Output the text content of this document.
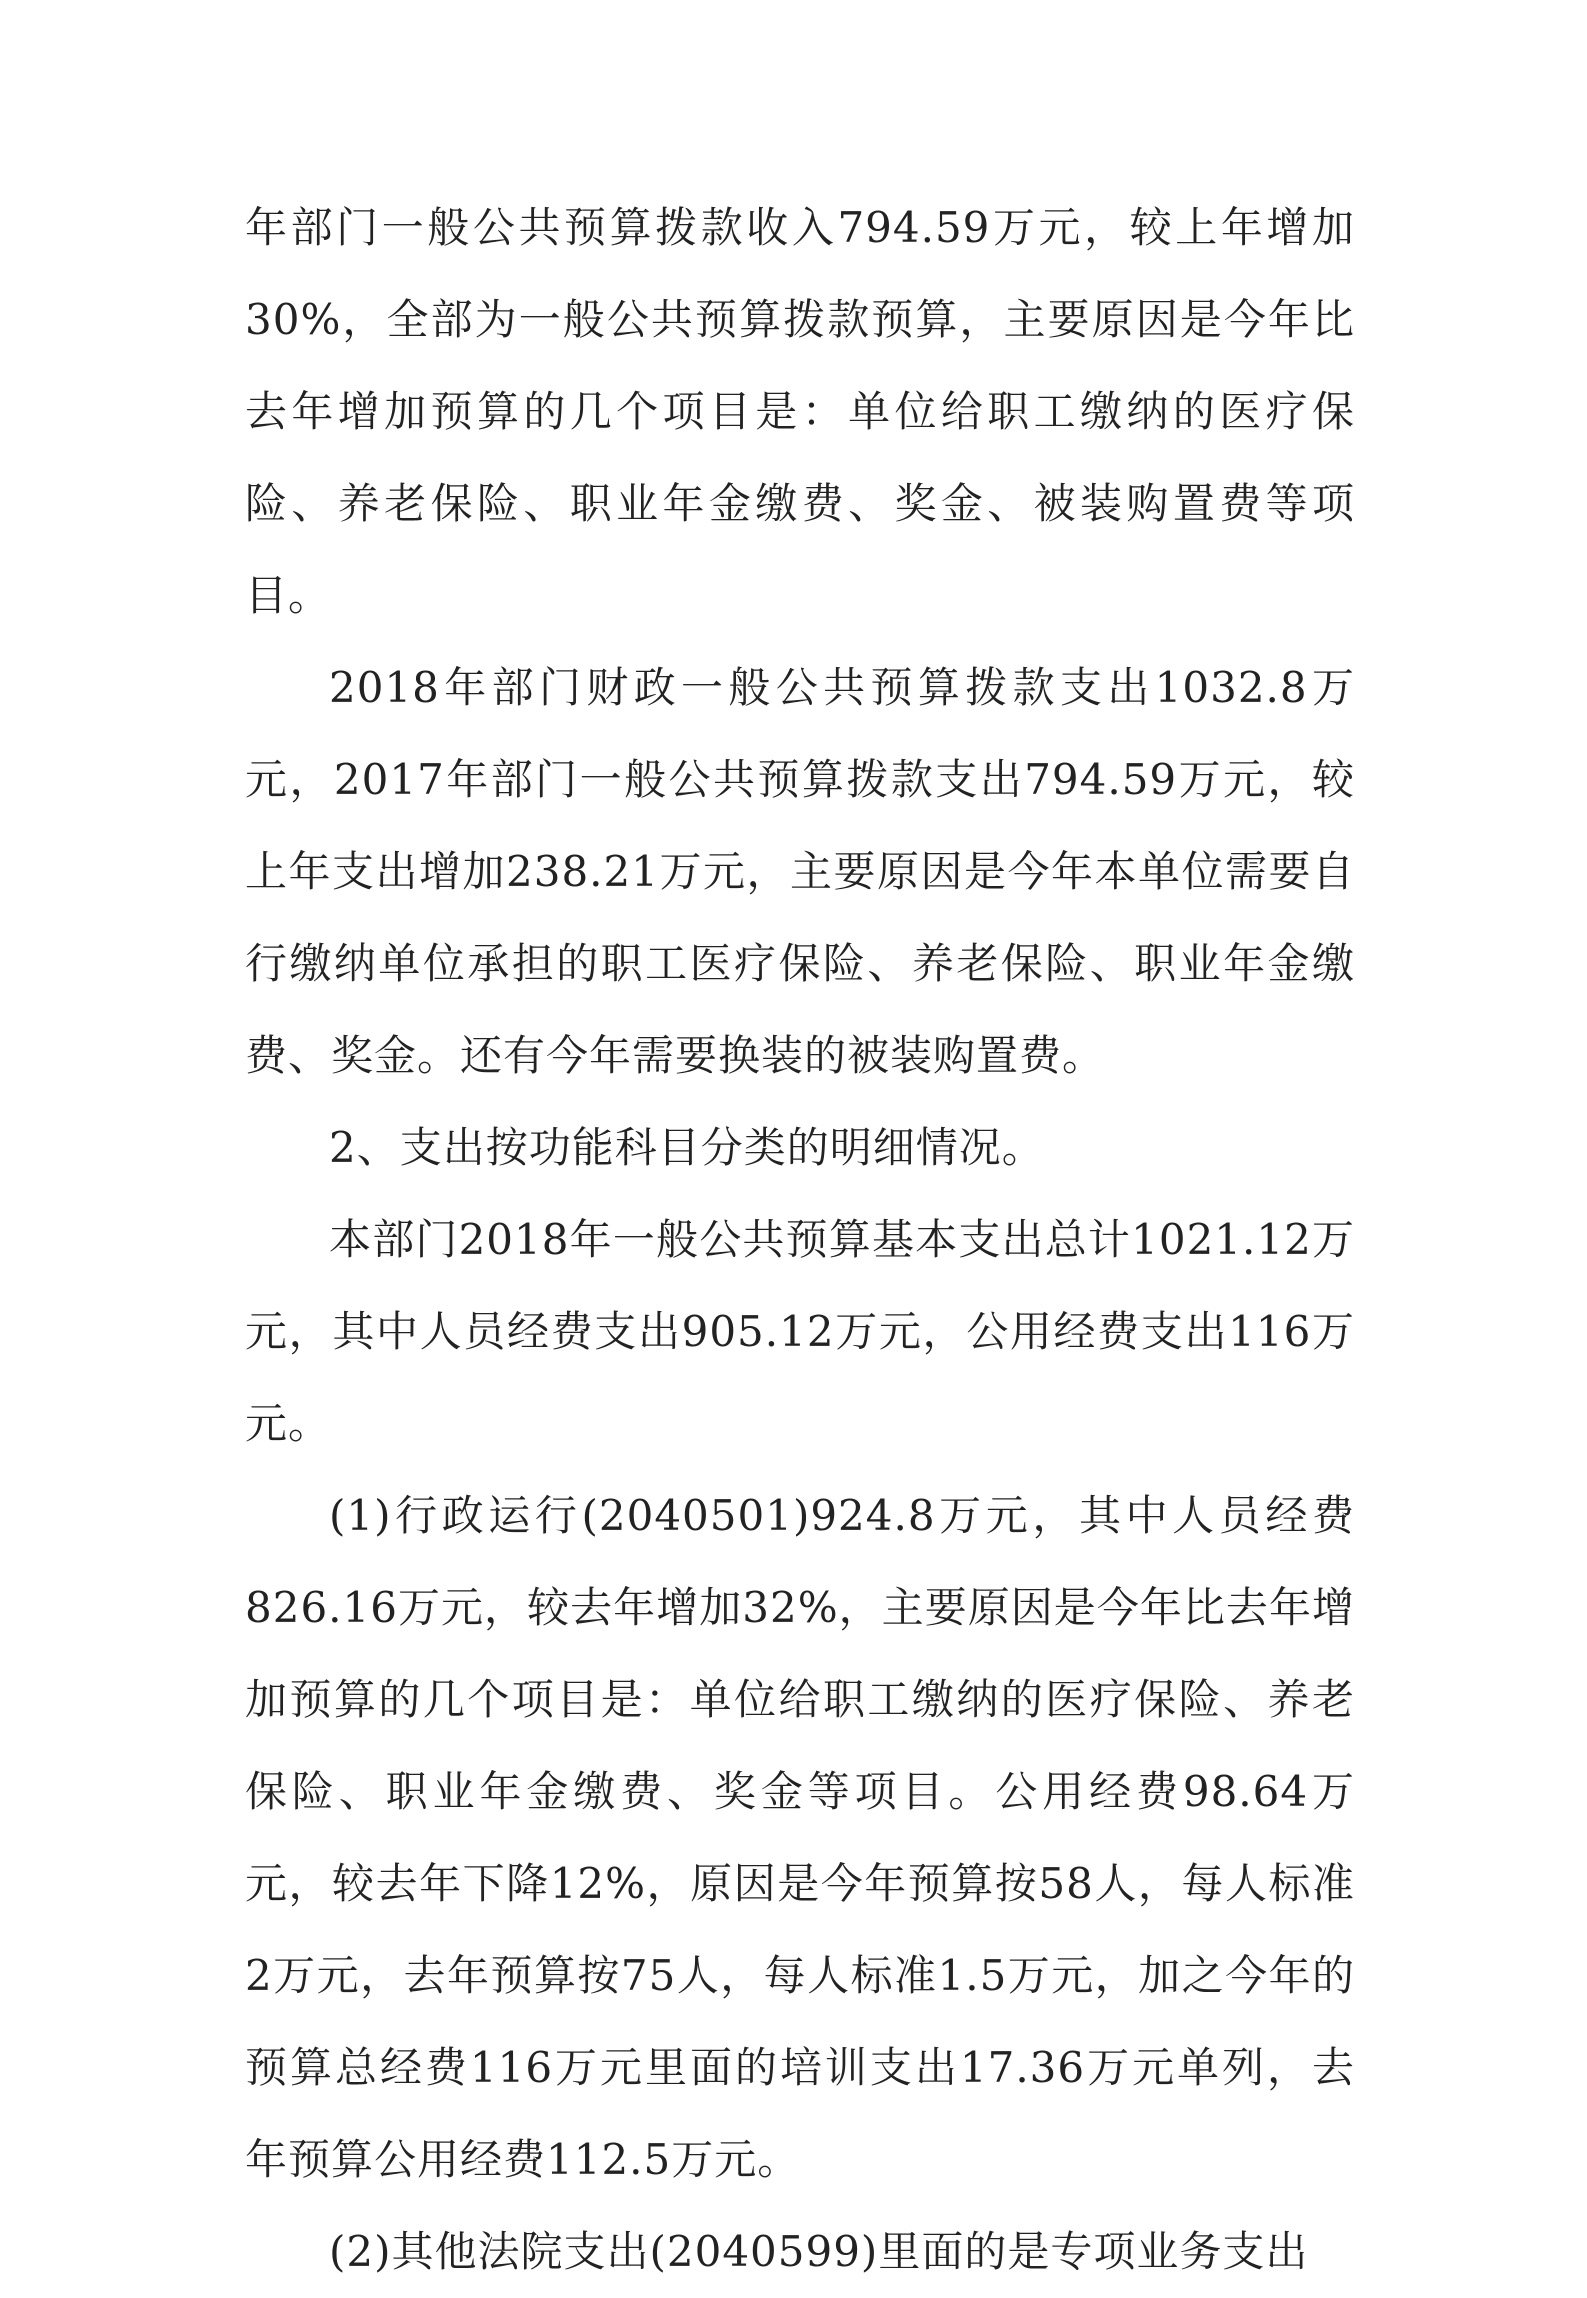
年部门一般公共预算拨款收入794.59万元，较上年增加30%，全部为一般公共预算拨款预算，主要原因是今年比去年增加预算的几个项目是：单位给职工缴纳的医疗保险、养老保险、职业年金缴费、奖金、被装购置费等项目。

2018年部门财政一般公共预算拨款支出1032.8万元，2017年部门一般公共预算拨款支出794.59万元，较上年支出增加238.21万元，主要原因是今年本单位需要自行缴纳单位承担的职工医疗保险、养老保险、职业年金缴费、奖金。还有今年需要换装的被装购置费。

2、支出按功能科目分类的明细情况。

本部门2018年一般公共预算基本支出总计1021.12万元，其中人员经费支出905.12万元，公用经费支出116万元。

(1)行政运行(2040501)924.8万元，其中人员经费826.16万元，较去年增加32%，主要原因是今年比去年增加预算的几个项目是：单位给职工缴纳的医疗保险、养老保险、职业年金缴费、奖金等项目。公用经费98.64万元，较去年下降12%，原因是今年预算按58人，每人标准2万元，去年预算按75人，每人标准1.5万元，加之今年的预算总经费116万元里面的培训支出17.36万元单列，去年预算公用经费112.5万元。

(2)其他法院支出(2040599)里面的是专项业务支出
